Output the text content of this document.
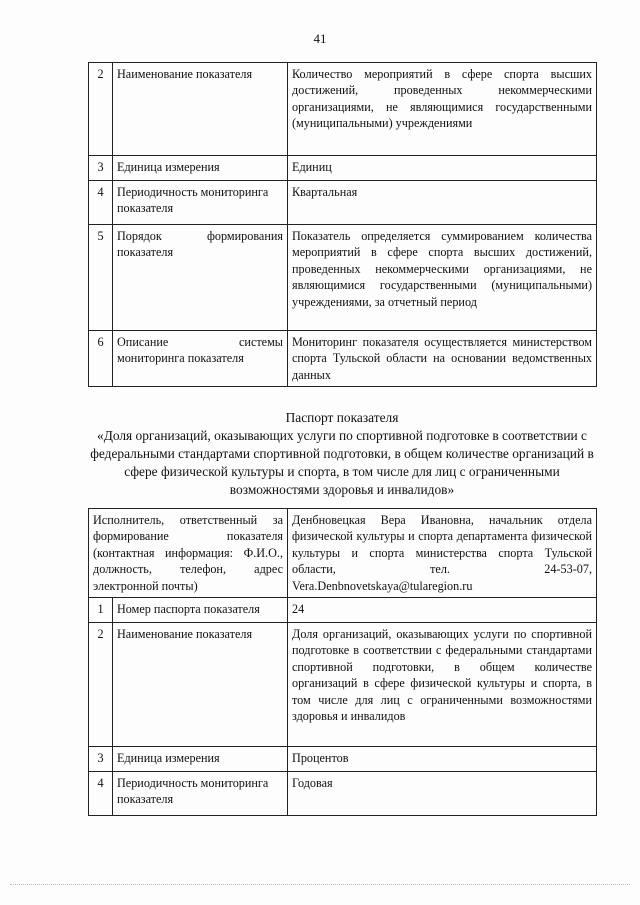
41
2	Наименование показателя	Количество мероприятий в сфере спорта высших достижений, проведенных некоммерческими организациями, не являющимися государственными (муниципальными) учреждениями
3	Единица измерения	Единиц
4	Периодичность мониторинга показателя	Квартальная
5	Порядок формирования показателя	Показатель определяется суммированием количества мероприятий в сфере спорта высших достижений, проведенных некоммерческими организациями, не являющимися государственными (муниципальными) учреждениями, за отчетный период
6	Описание системы мониторинга показателя	Мониторинг показателя осуществляется министерством спорта Тульской области на основании ведомственных данных
Паспорт показателя
«Доля организаций, оказывающих услуги по спортивной подготовке в соответствии с федеральными стандартами спортивной подготовки, в общем количестве организаций в сфере физической культуры и спорта, в том числе для лиц с ограниченными возможностями здоровья и инвалидов»
Исполнитель, ответственный за формирование показателя (контактная информация: Ф.И.О., должность, телефон, адрес электронной почты)		Денбновецкая Вера Ивановна, начальник отдела физической культуры и спорта департамента физической культуры и спорта министерства спорта Тульской области, тел. 24-53-07, Vera.Denbnovetskaya@tularegion.ru
1	Номер паспорта показателя	24
2	Наименование показателя	Доля организаций, оказывающих услуги по спортивной подготовке в соответствии с федеральными стандартами спортивной подготовки, в общем количестве организаций в сфере физической культуры и спорта, в том числе для лиц с ограниченными возможностями здоровья и инвалидов
3	Единица измерения	Процентов
4	Периодичность мониторинга показателя	Годовая
